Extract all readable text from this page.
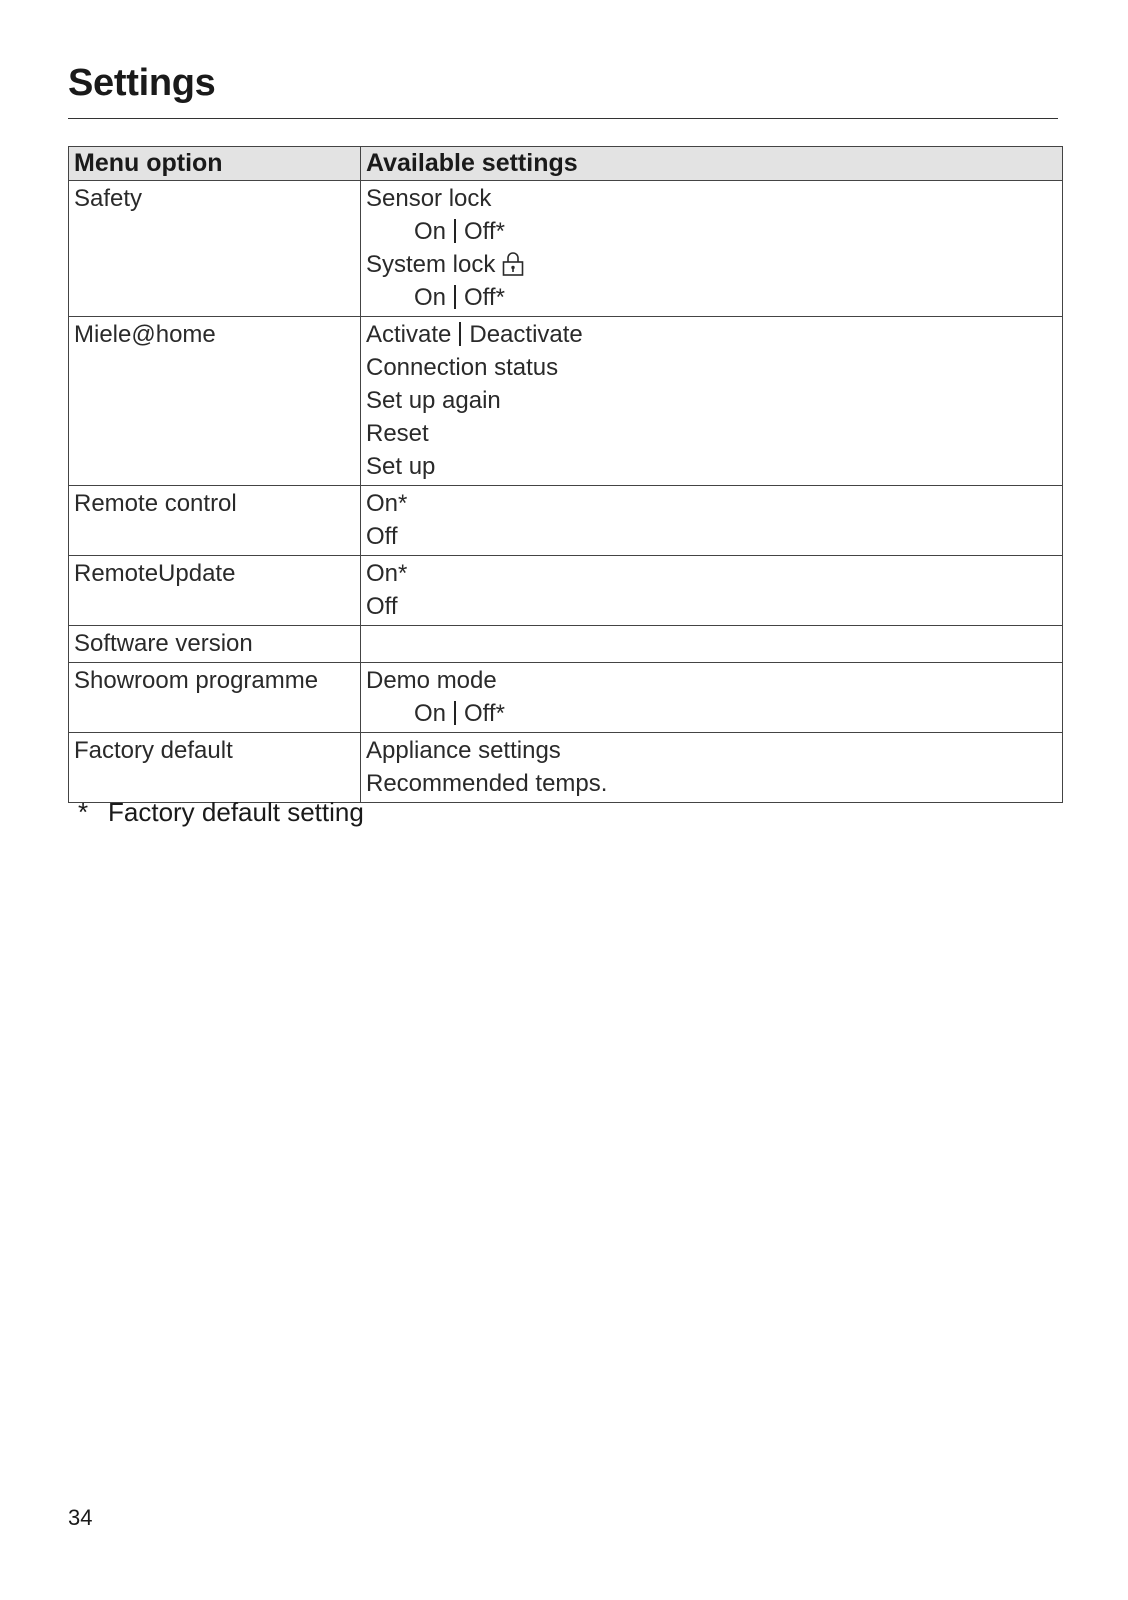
Settings
Menu option	Available settings

Safety	Sensor lock
On Off*
System lock
On Off*

Miele@home	Activate Deactivate
Connection status
Set up again
Reset
Set up

Remote control	On*
Off

RemoteUpdate	On*
Off

Software version	

Showroom programme	Demo mode
On Off*

Factory default	Appliance settings
Recommended temps.
* Factory default setting
34
